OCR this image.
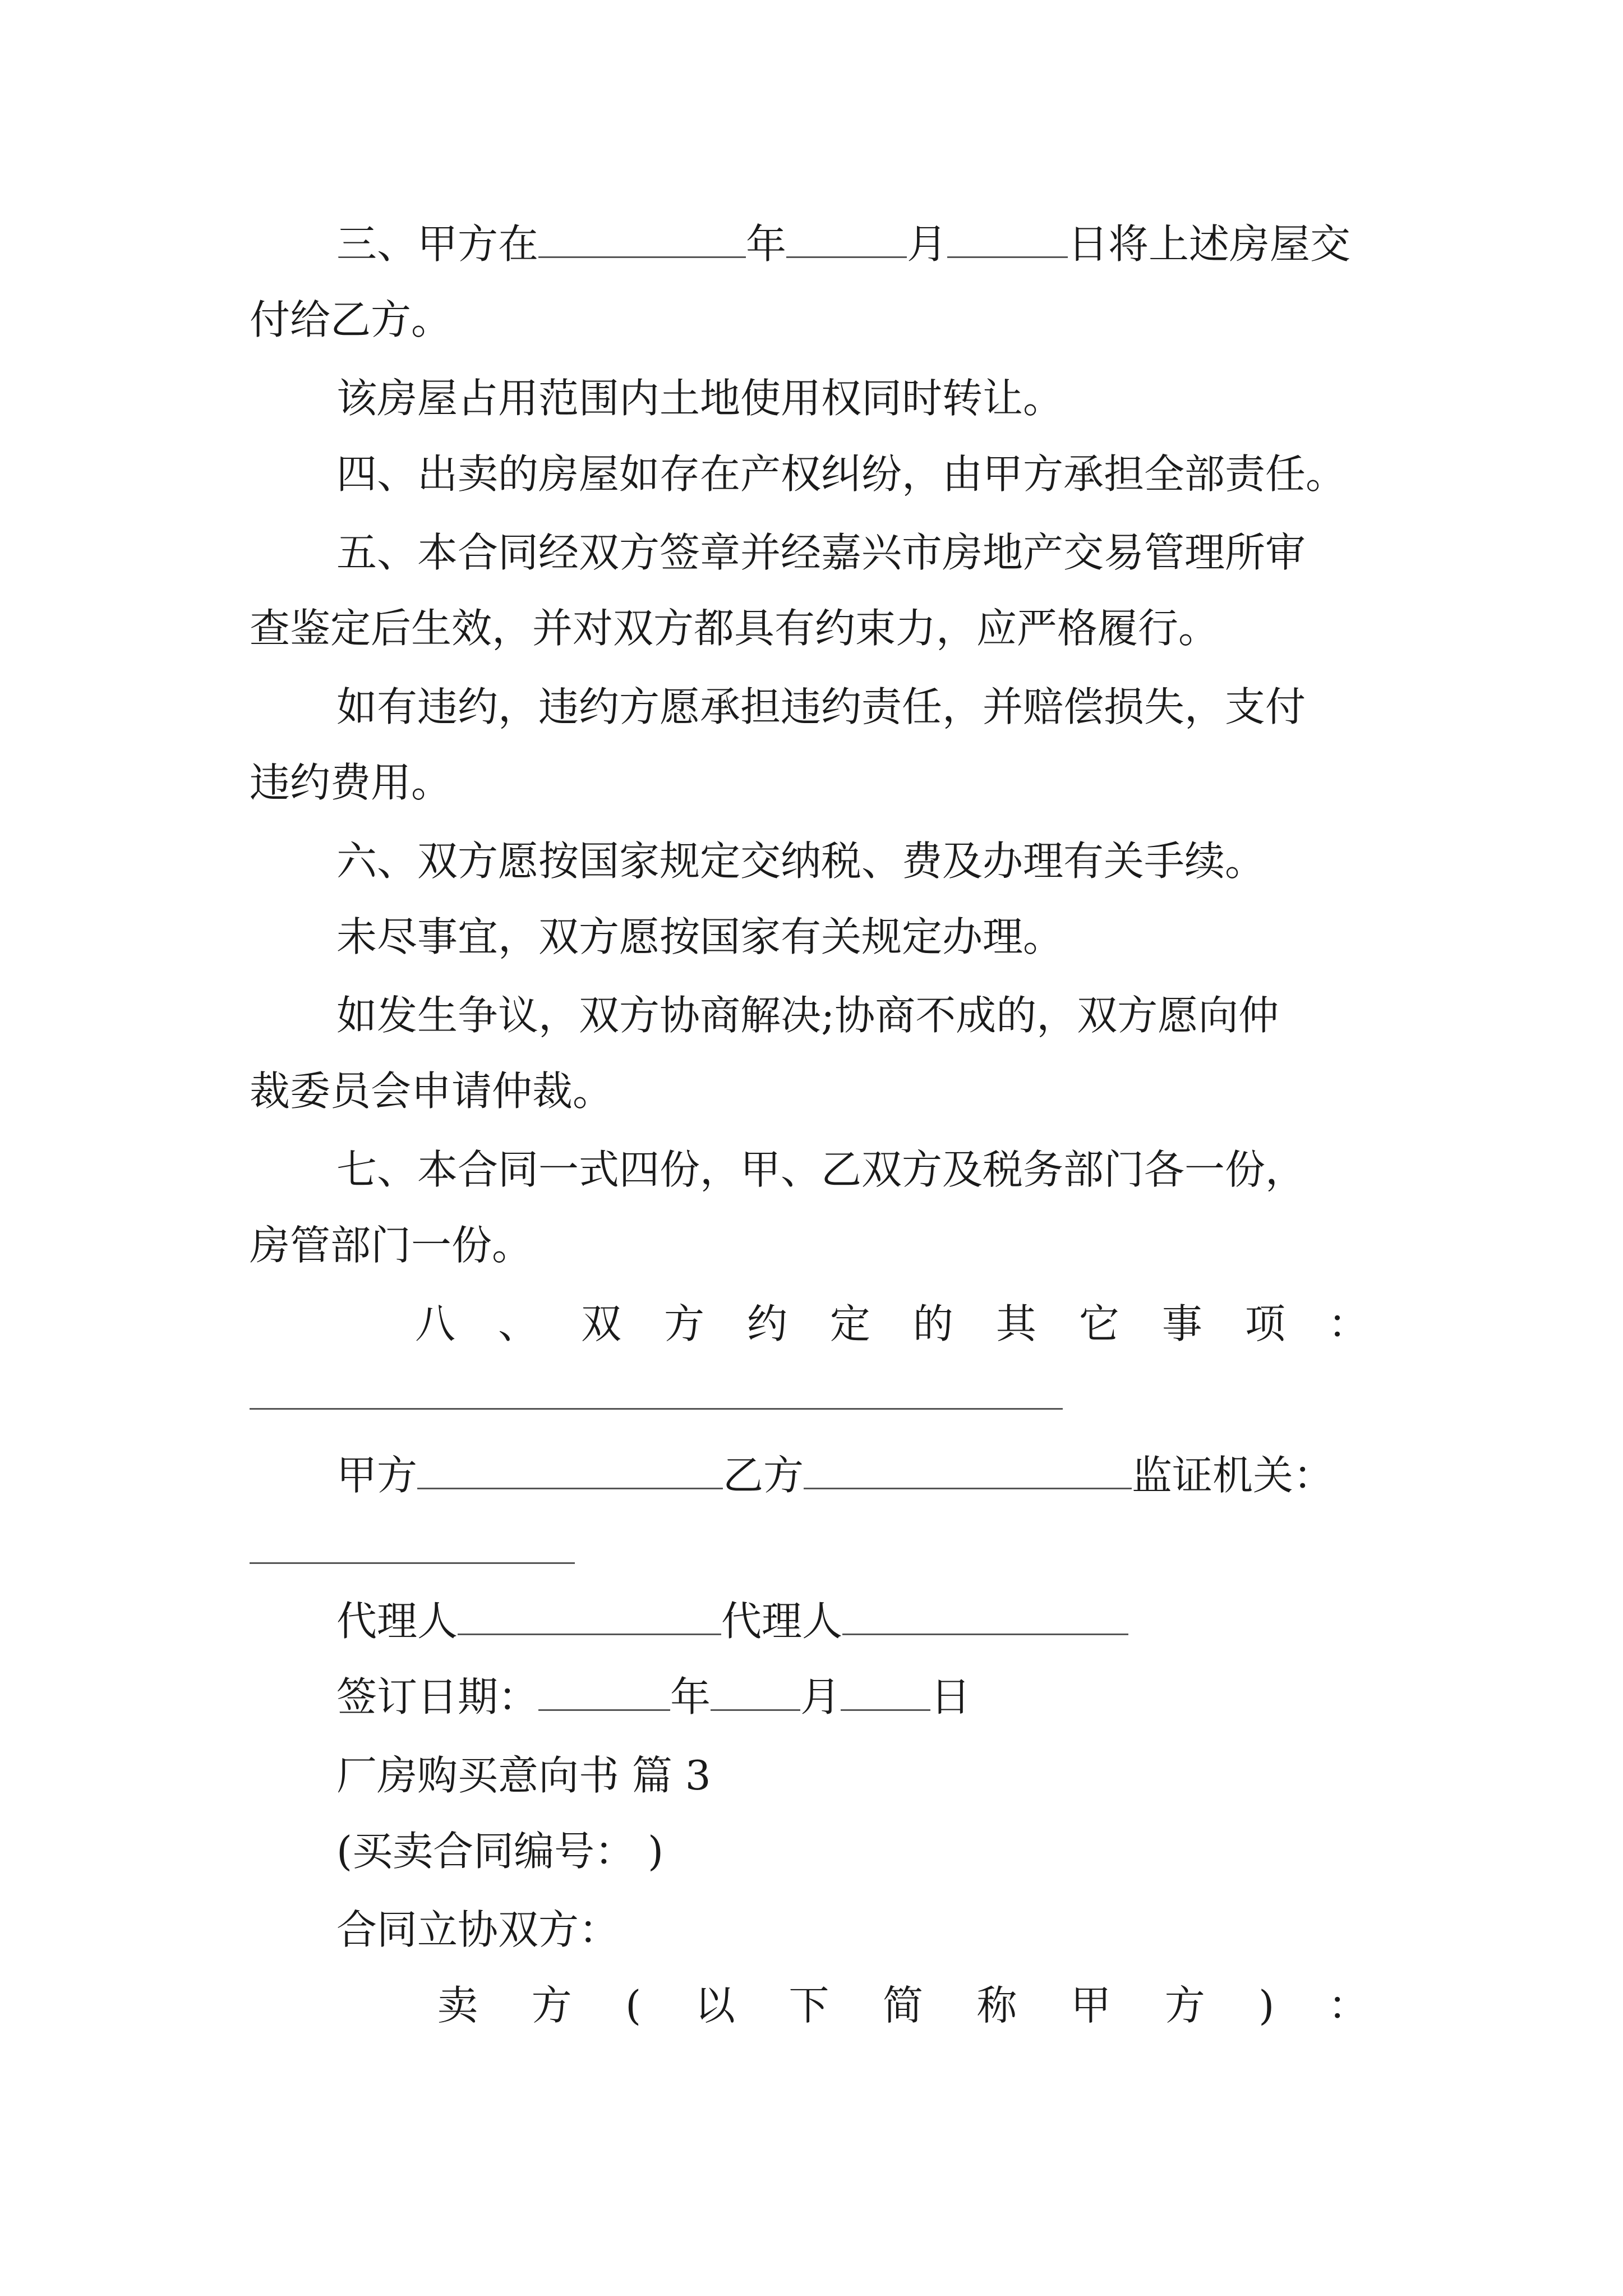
三、甲方在	年	月	日将上述房屋交
付给乙方。
该房屋占用范围内土地使用权同时转让。
四、出卖的房屋如存在产权纠纷，由甲方承担全部责任。
五、本合同经双方签章并经嘉兴市房地产交易管理所审
查鉴定后生效，并对双方都具有约束力，应严格履行。
如有违约，违约方愿承担违约责任，并赔偿损失，支付
违约费用。
六、双方愿按国家规定交纳税、费及办理有关手续。
未尽事宜，双方愿按国家有关规定办理。
如发生争议，双方协商解决;协商不成的，双方愿向仲
裁委员会申请仲裁。
七、本合同一式四份，甲、乙双方及税务部门各一份，
房管部门一份。
八 、 双 方 约 定 的 其 它 事 项 ：
甲方	乙方	监证机关：
代理人	代理人
签订日期：	年 月 日
厂房购买意向书 篇 3
(买卖合同编号： )
合同立协双方：
卖 方 ( 以 下 简 称 甲 方 ) ：
